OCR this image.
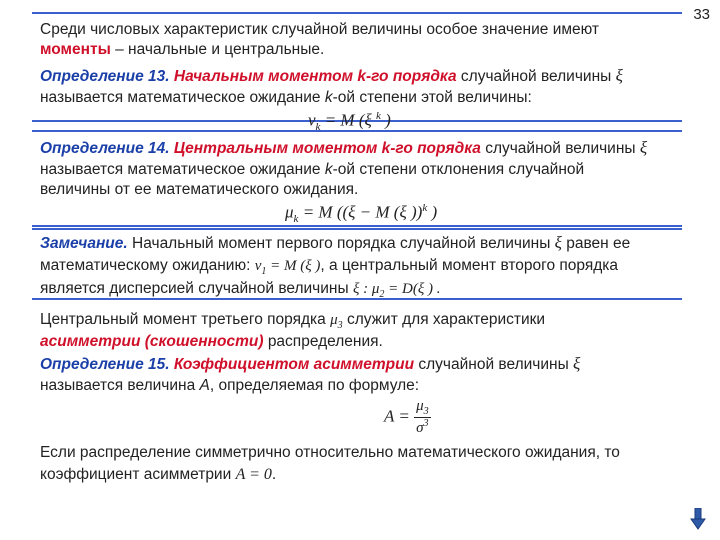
33
Среди числовых характеристик случайной величины особое значение имеют
моменты – начальные и центральные.
Определение 13. Начальным моментом k-го порядка случайной величины ξ
называется математическое ожидание k-ой степени этой величины:
$\nu_k = M$ (ξ $^k$ )
Определение 14. Центральным моментом k-го порядка случайной величины ξ
называется математическое ожидание k-ой степени отклонения случайной
величины от ее математического ожидания.
$\mu_k = M$ ((ξ − M (ξ ))$^k$ )
Замечание. Начальный момент первого порядка случайной величины ξ равен ее
математическому ожиданию: $\nu_1 = M$ (ξ ), а центральный момент второго порядка
является дисперсией случайной величины ξ : $\mu_2 = D(\xi$ ) .
Центральный момент третьего порядка $\mu_3$ служит для характеристики
асимметрии (скошенности) распределения.
Определение 15. Коэффициентом асимметрии случайной величины ξ
называется величина A, определяемая по формуле:
$A = \frac{\mu_3}{\sigma^3}$
Если распределение симметрично относительно математического ожидания, то
коэффициент асимметрии A = 0.
